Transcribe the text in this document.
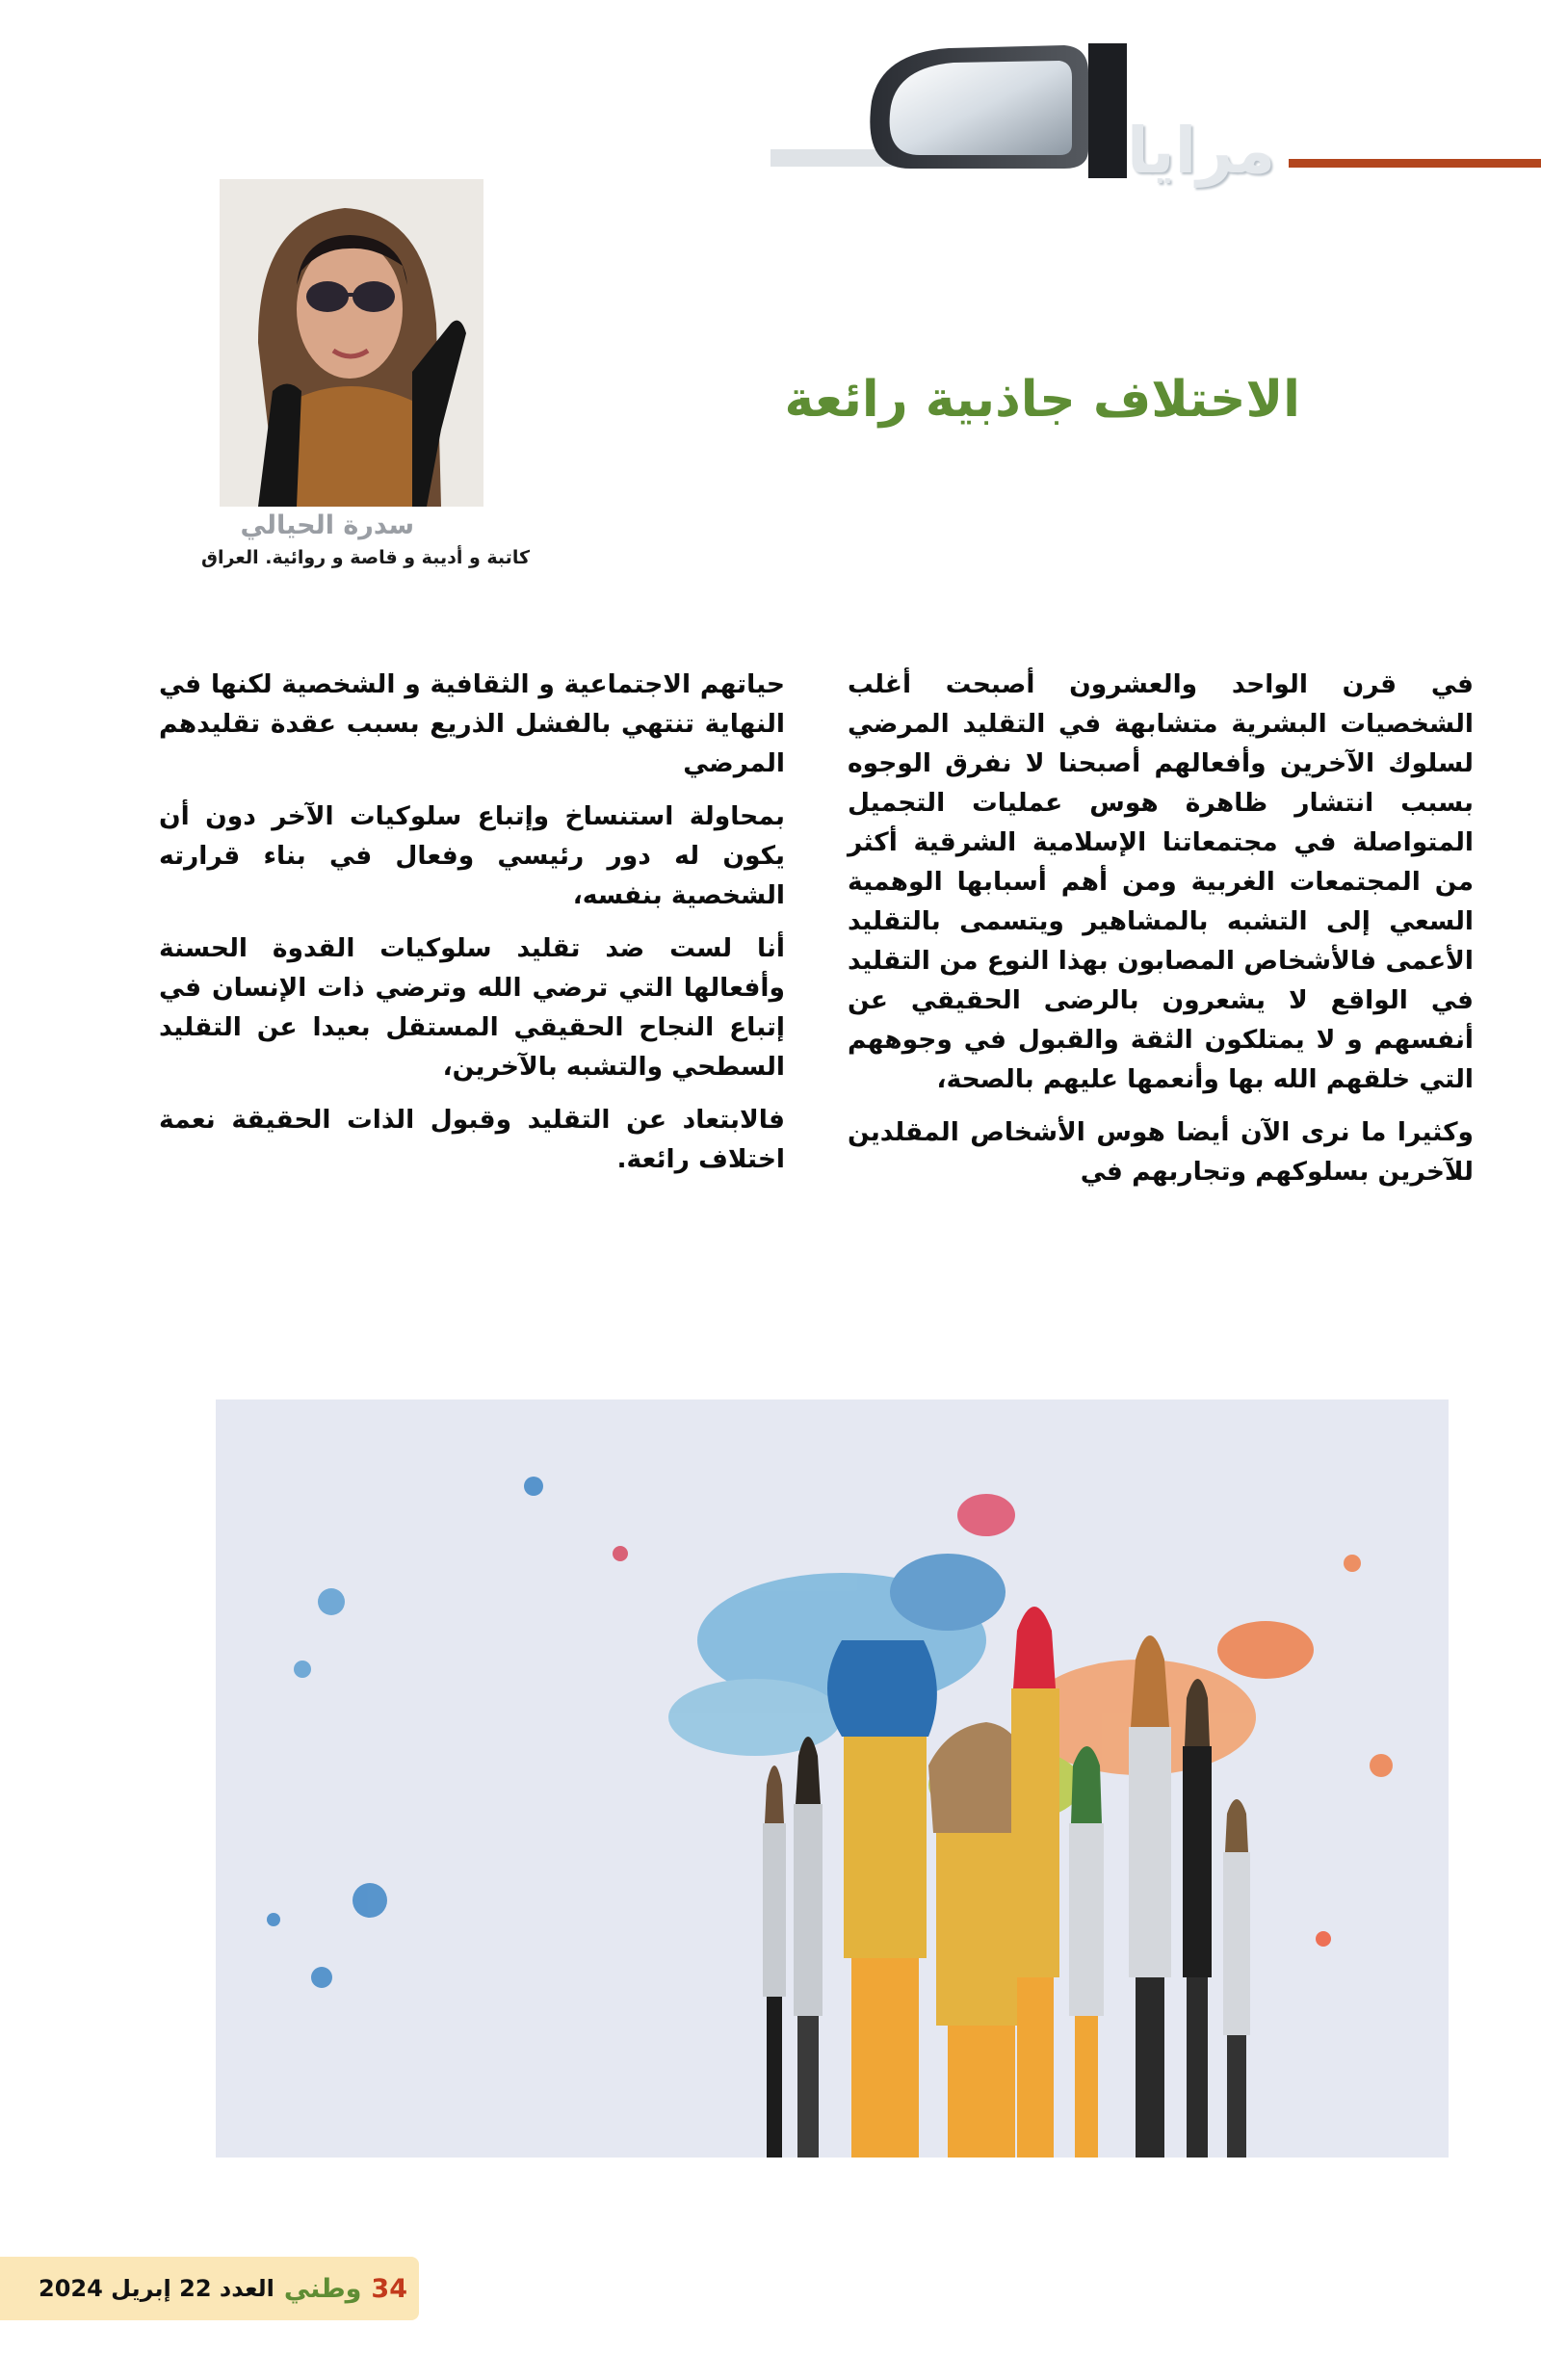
مرايا
سدرة الحيالي
كاتبة و أديبة و قاصة و روائية. العراق
الاختلاف جاذبية رائعة

في قرن الواحد والعشرون أصبحت أغلب الشخصيات البشرية متشابهة في التقليد المرضي لسلوك الآخرين وأفعالهم أصبحنا لا نفرق الوجوه بسبب انتشار ظاهرة هوس عمليات التجميل المتواصلة في مجتمعاتنا الإسلامية الشرقية أكثر من المجتمعات الغربية ومن أهم أسبابها الوهمية السعي إلى التشبه بالمشاهير ويتسمى بالتقليد الأعمى فالأشخاص المصابون بهذا النوع من التقليد في الواقع لا يشعرون بالرضى الحقيقي عن أنفسهم و لا يمتلكون الثقة والقبول في وجوههم التي خلقهم الله بها وأنعمها عليهم بالصحة،

وكثيرا ما نرى الآن أيضا هوس الأشخاص المقلدين للآخرين بسلوكهم وتجاربهم في

حياتهم الاجتماعية و الثقافية و الشخصية لكنها في النهاية تنتهي بالفشل الذريع بسبب عقدة تقليدهم المرضي

بمحاولة استنساخ وإتباع سلوكيات الآخر دون أن يكون له دور رئيسي وفعال في بناء قرارته الشخصية بنفسه،

أنا لست ضد تقليد سلوكيات القدوة الحسنة وأفعالها التي ترضي الله وترضي ذات الإنسان في إتباع النجاح الحقيقي المستقل بعيدا عن التقليد السطحي والتشبه بالآخرين،

فالابتعاد عن التقليد وقبول الذات الحقيقة نعمة اختلاف رائعة.

العدد 22 إبريل 2024 وطني 34
